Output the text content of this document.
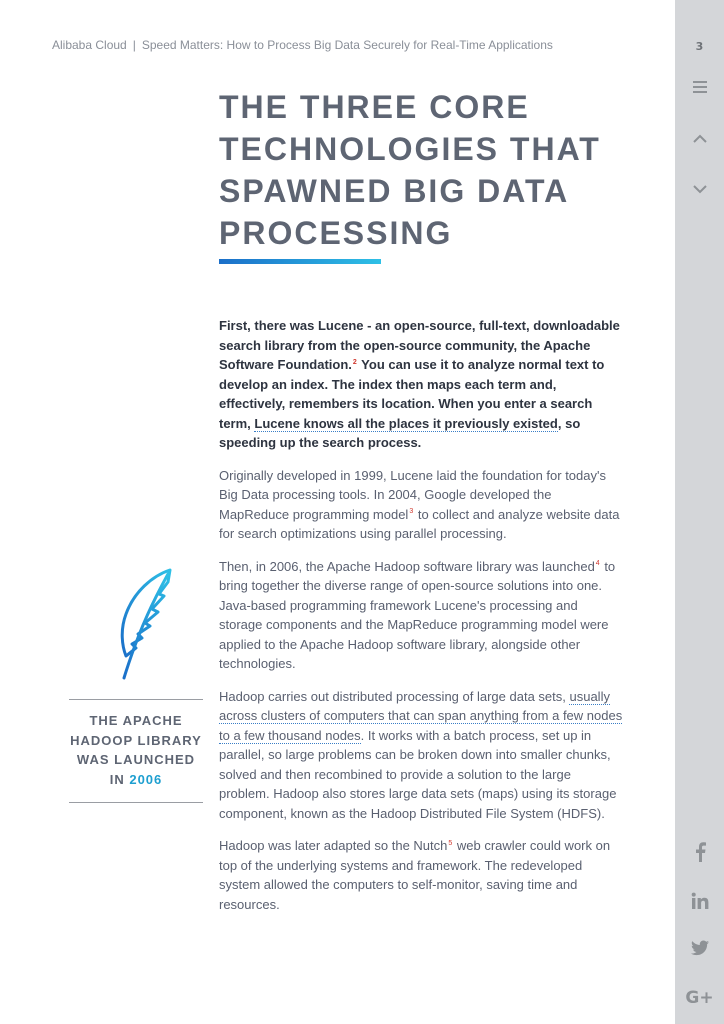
Alibaba Cloud | Speed Matters: How to Process Big Data Securely for Real-Time Applications	3
G+
THE THREE CORE
TECHNOLOGIES THAT
SPAWNED BIG DATA
PROCESSING

First, there was Lucene - an open-source, full-text, downloadable search library from the open-source community, the Apache Software Foundation.$^2$ You can use it to analyze normal text to develop an index. The index then maps each term and, effectively, remembers its location. When you enter a search term, Lucene knows all the places it previously existed, so speeding up the search process.

Originally developed in 1999, Lucene laid the foundation for today's Big Data processing tools. In 2004, Google developed the MapReduce programming model$^3$ to collect and analyze website data for search optimizations using parallel processing.

Then, in 2006, the Apache Hadoop software library was launched$^4$ to bring together the diverse range of open-source solutions into one. Java-based programming framework Lucene's processing and storage components and the MapReduce programming model were applied to the Apache Hadoop software library, alongside other technologies.

Hadoop carries out distributed processing of large data sets, usually across clusters of computers that can span anything from a few nodes to a few thousand nodes. It works with a batch process, set up in parallel, so large problems can be broken down into smaller chunks, solved and then recombined to provide a solution to the large problem. Hadoop also stores large data sets (maps) using its storage component, known as the Hadoop Distributed File System (HDFS).

Hadoop was later adapted so the Nutch$^5$ web crawler could work on top of the underlying systems and framework. The redeveloped system allowed the computers to self-monitor, saving time and resources.

THE APACHE
HADOOP LIBRARY
WAS LAUNCHED
IN 2006
